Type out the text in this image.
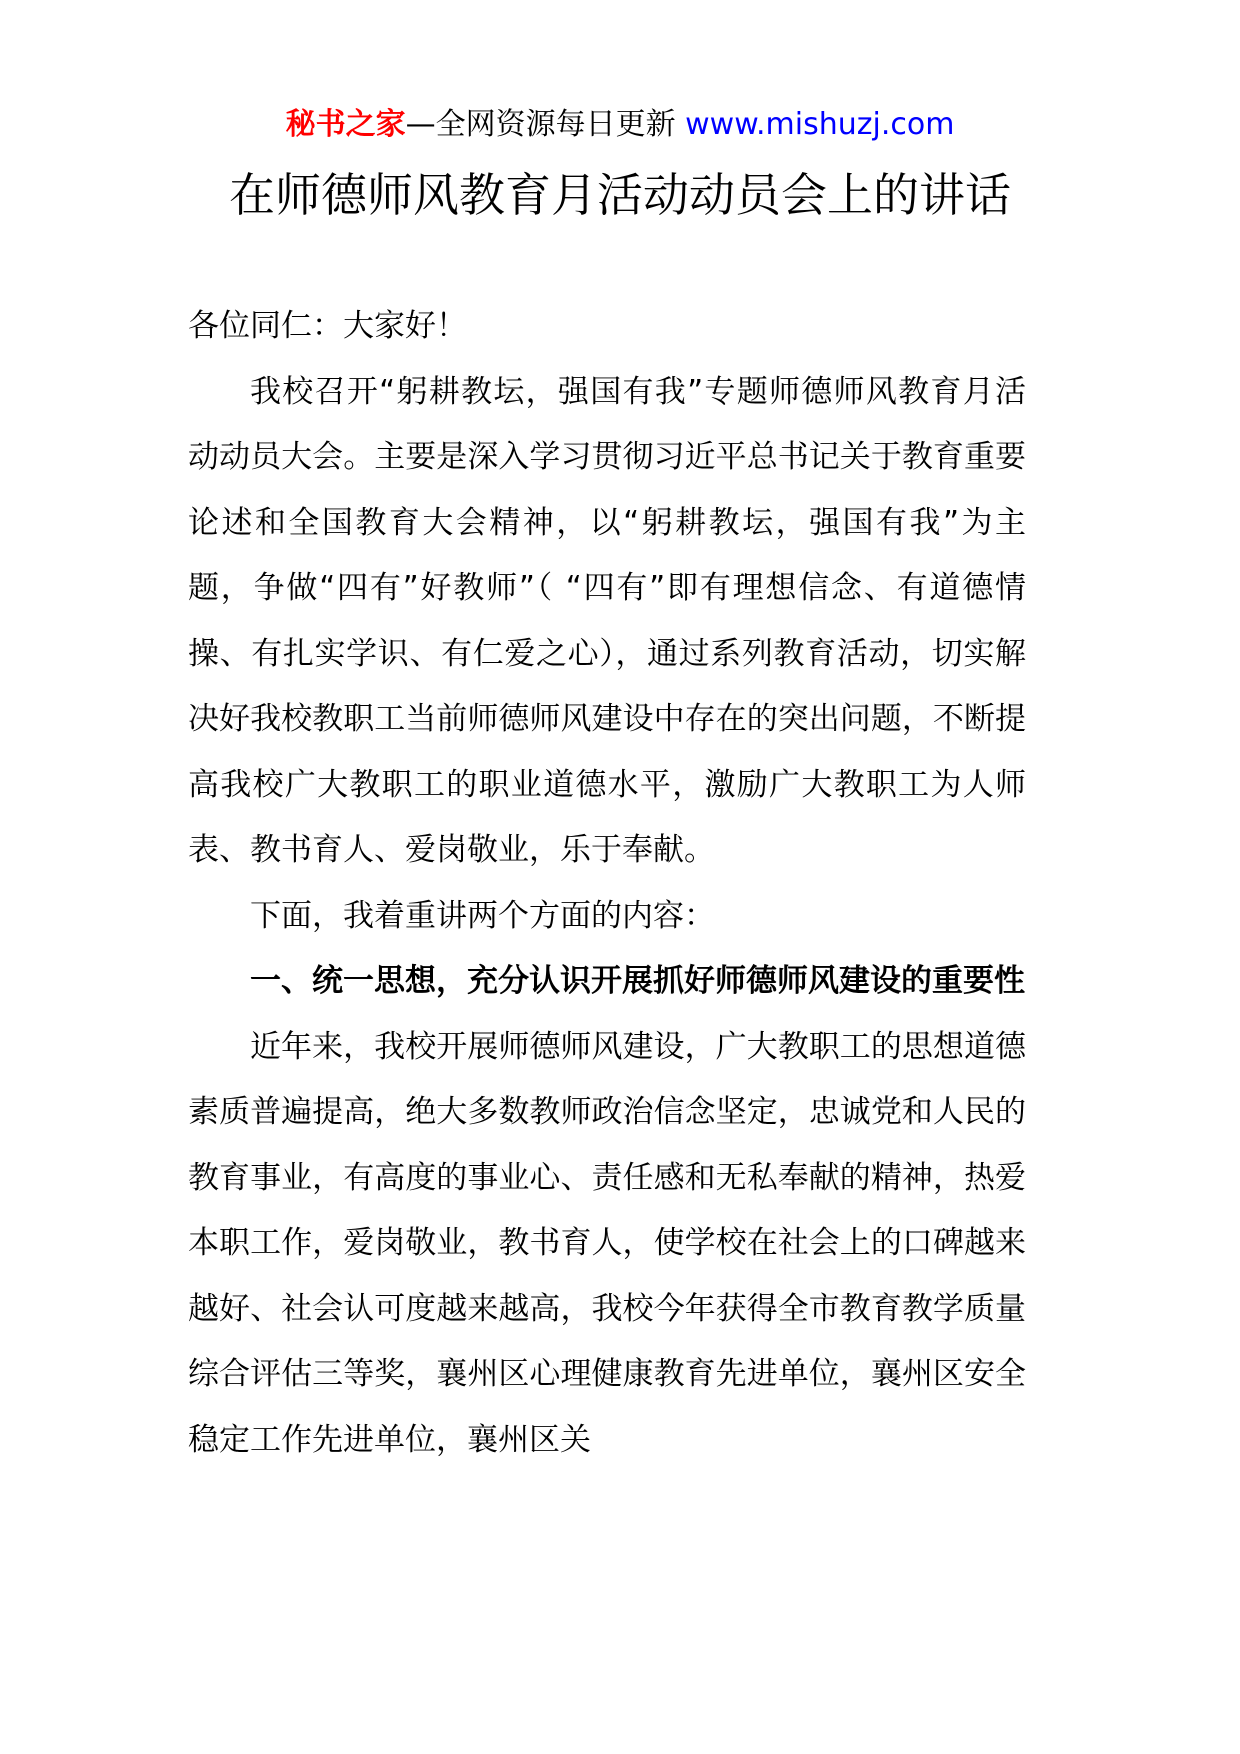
秘书之家—全网资源每日更新 www.mishuzj.com
在师德师风教育月活动动员会上的讲话

各位同仁：大家好！

我校召开“躬耕教坛，强国有我”专题师德师风教育月活动动员大会。主要是深入学习贯彻习近平总书记关于教育重要论述和全国教育大会精神，以“躬耕教坛，强国有我”为主题，争做“四有”好教师”（ “四有”即有理想信念、有道德情操、有扎实学识、有仁爱之心），通过系列教育活动，切实解决好我校教职工当前师德师风建设中存在的突出问题，不断提高我校广大教职工的职业道德水平，激励广大教职工为人师表、教书育人、爱岗敬业，乐于奉献。

下面，我着重讲两个方面的内容：

一、统一思想，充分认识开展抓好师德师风建设的重要性

近年来，我校开展师德师风建设，广大教职工的思想道德素质普遍提高，绝大多数教师政治信念坚定，忠诚党和人民的教育事业，有高度的事业心、责任感和无私奉献的精神，热爱本职工作，爱岗敬业，教书育人，使学校在社会上的口碑越来越好、社会认可度越来越高，我校今年获得全市教育教学质量综合评估三等奖，襄州区心理健康教育先进单位，襄州区安全稳定工作先进单位，襄州区关
